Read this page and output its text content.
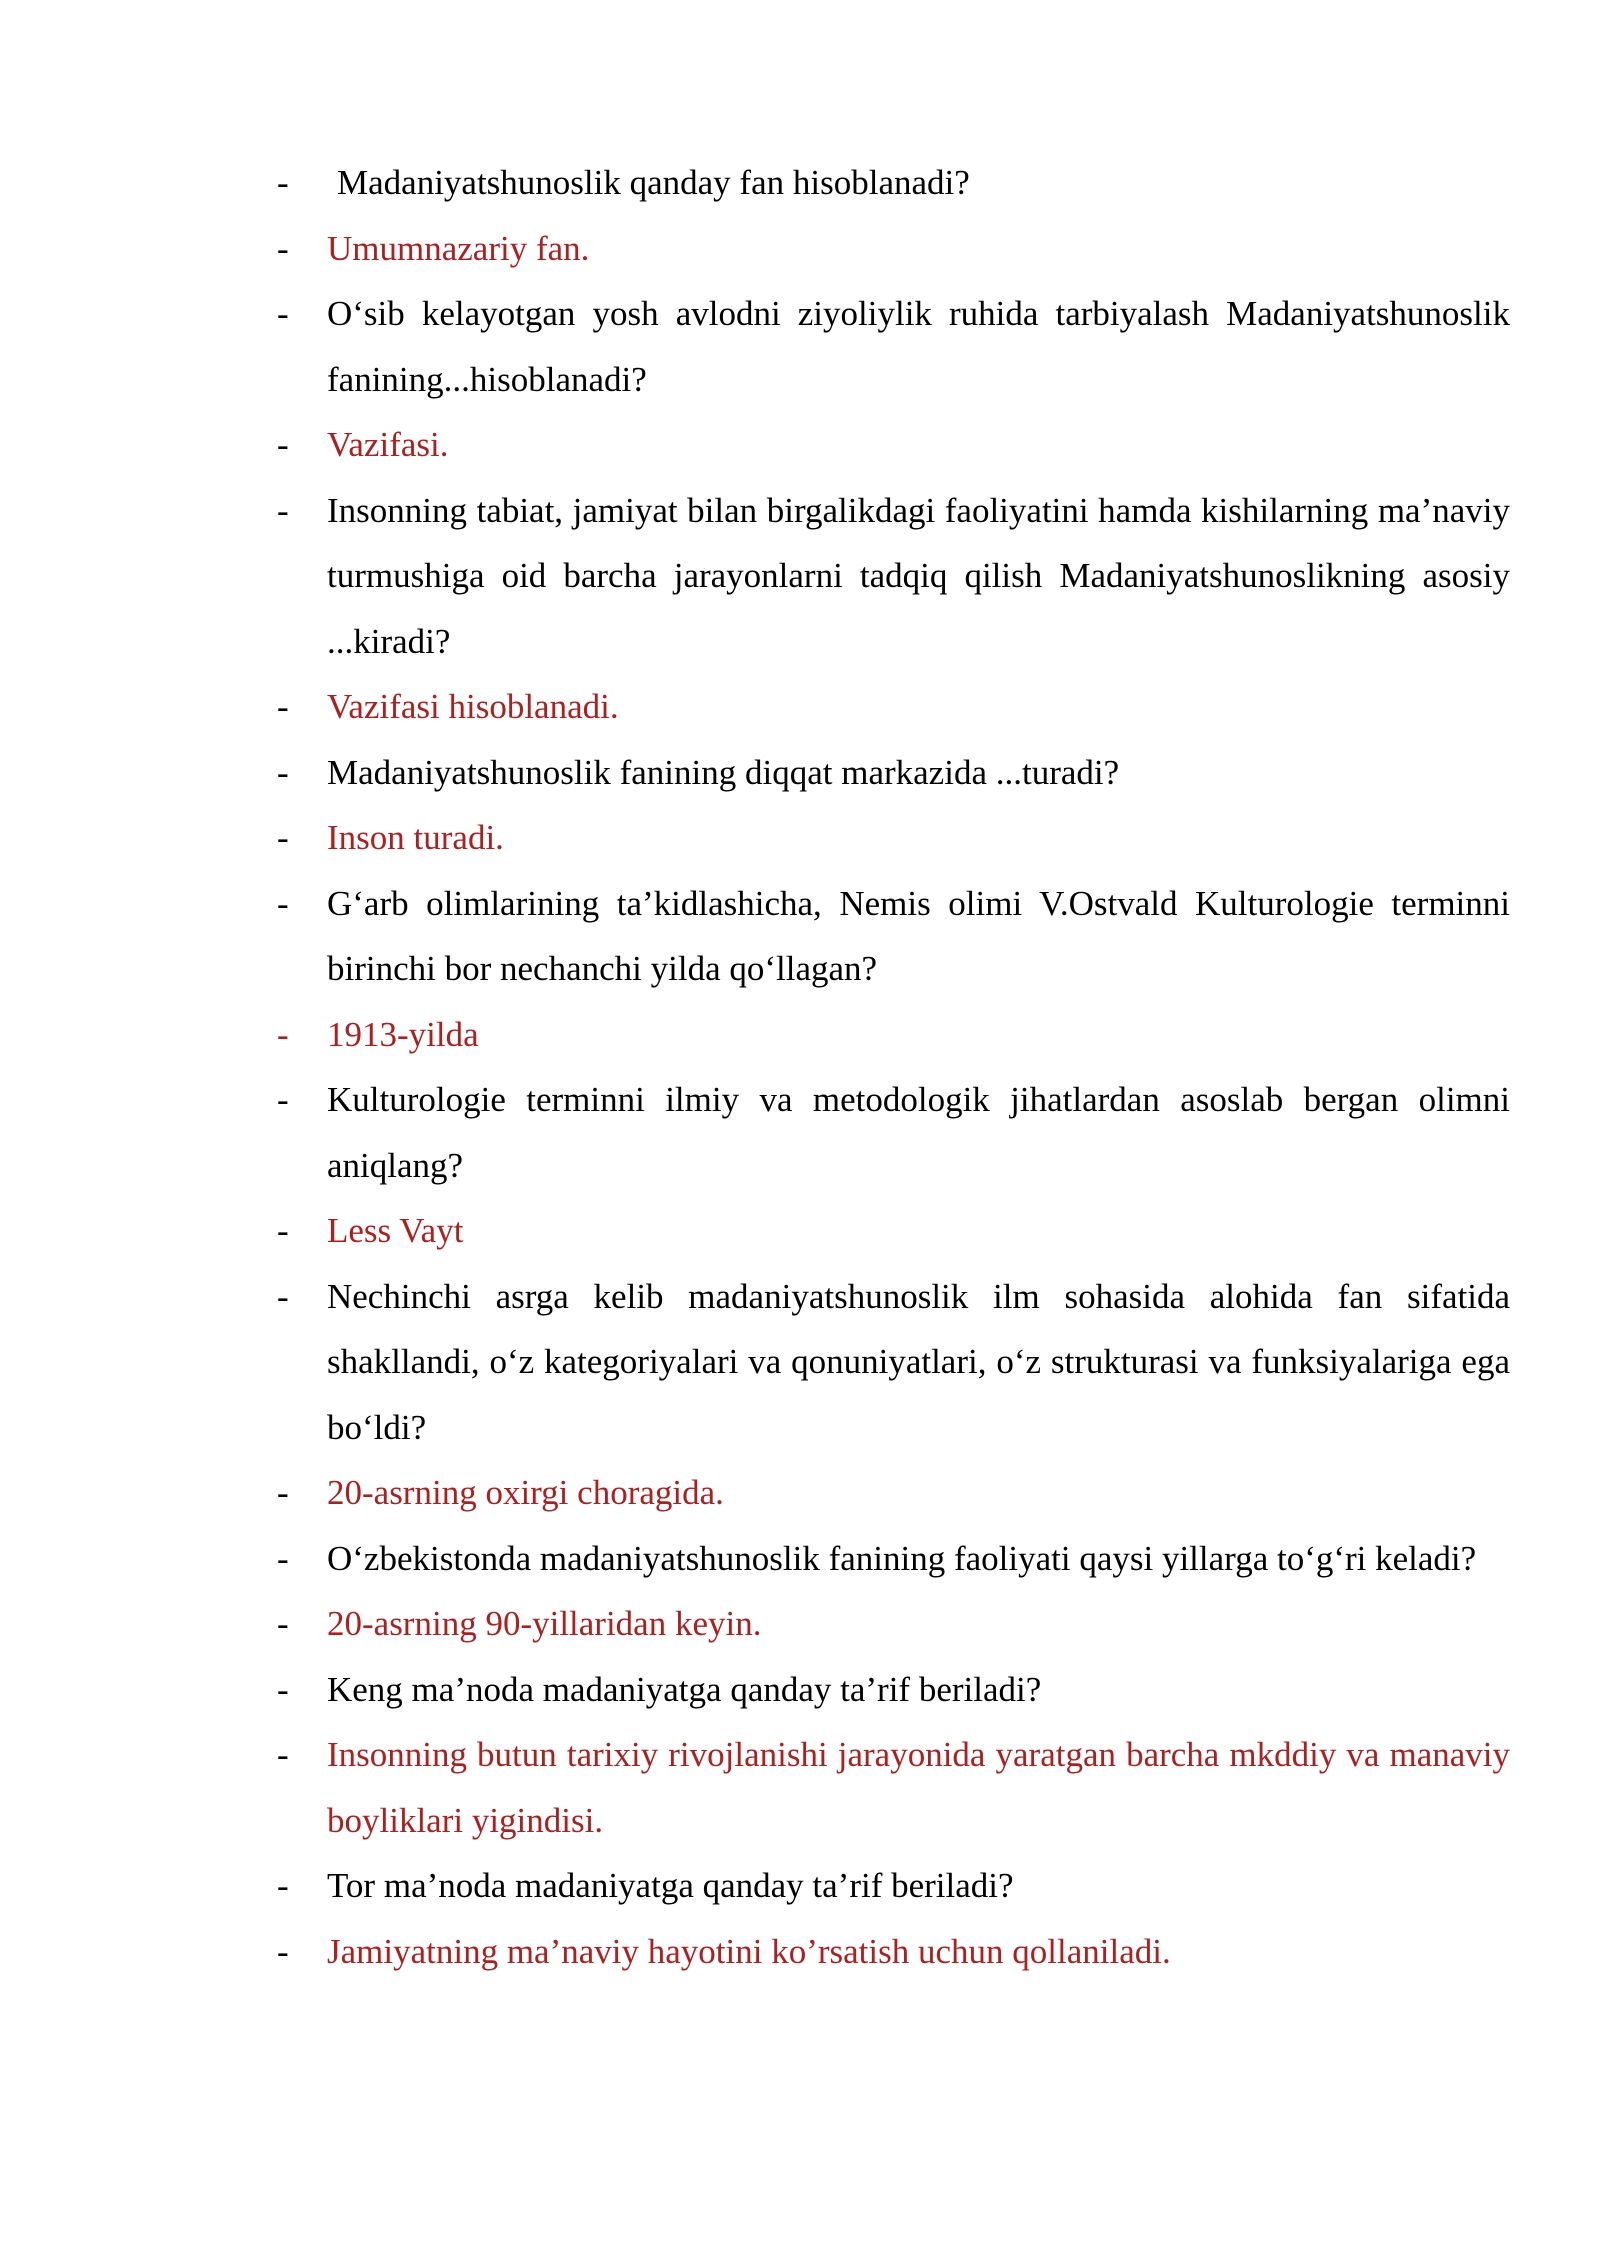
-	Madaniyatshunoslik qanday fan hisoblanadi?
-	Umumnazariy fan.
-	O‘sib kelayotgan yosh avlodni ziyoliylik ruhida tarbiyalash Madaniyatshunoslik fanining...hisoblanadi?
-	Vazifasi.
-	Insonning tabiat, jamiyat bilan birgalikdagi faoliyatini hamda kishilarning ma’naviy turmushiga oid barcha jarayonlarni tadqiq qilish Madaniyatshunoslikning asosiy ...kiradi?
-	Vazifasi hisoblanadi.
-	Madaniyatshunoslik fanining diqqat markazida ...turadi?
-	Inson turadi.
-	G‘arb olimlarining ta’kidlashicha, Nemis olimi V.Ostvald Kulturologie terminni birinchi bor nechanchi yilda qo‘llagan?
-	1913-yilda
-	Kulturologie terminni ilmiy va metodologik jihatlardan asoslab bergan olimni aniqlang?
-	Less Vayt
-	Nechinchi asrga kelib madaniyatshunoslik ilm sohasida alohida fan sifatida shakllandi, o‘z kategoriyalari va qonuniyatlari, o‘z strukturasi va funksiyalariga ega bo‘ldi?
-	20-asrning oxirgi choragida.
-	O‘zbekistonda madaniyatshunoslik fanining faoliyati qaysi yillarga to‘g‘ri keladi?
-	20-asrning 90-yillaridan keyin.
-	Keng ma’noda madaniyatga qanday ta’rif beriladi?
-	Insonning butun tarixiy rivojlanishi jarayonida yaratgan barcha mkddiy va manaviy boyliklari yigindisi.
-	Tor ma’noda madaniyatga qanday ta’rif beriladi?
-	Jamiyatning ma’naviy hayotini ko’rsatish uchun qollaniladi.
